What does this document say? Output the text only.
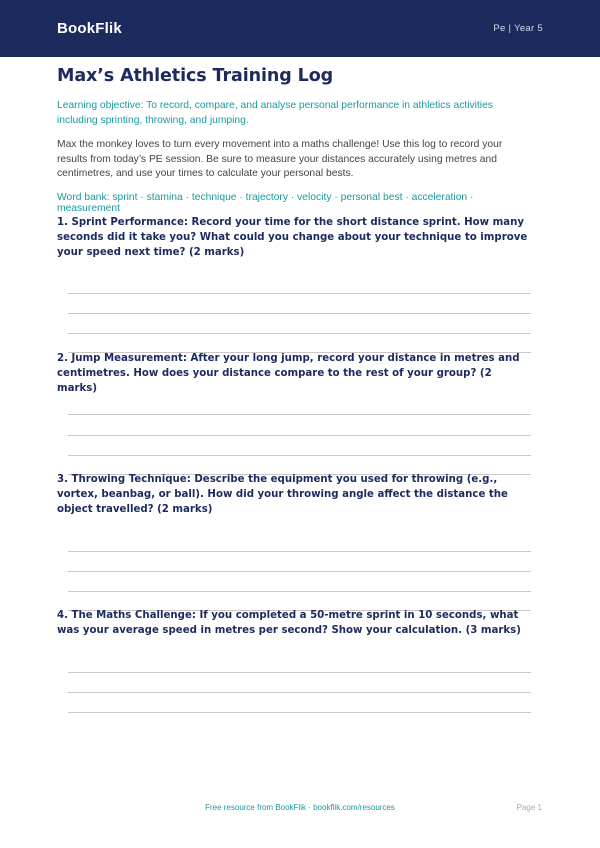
BookFlik	Pe | Year 5
Max’s Athletics Training Log

Learning objective: To record, compare, and analyse personal performance in athletics activities including sprinting, throwing, and jumping.

Max the monkey loves to turn every movement into a maths challenge! Use this log to record your results from today’s PE session. Be sure to measure your distances accurately using metres and centimetres, and use your times to calculate your personal bests.

Word bank: sprint · stamina · technique · trajectory · velocity · personal best · acceleration · measurement

1. Sprint Performance: Record your time for the short distance sprint. How many seconds did it take you? What could you change about your technique to improve your speed next time? (2 marks)
2. Jump Measurement: After your long jump, record your distance in metres and centimetres. How does your distance compare to the rest of your group? (2 marks)
3. Throwing Technique: Describe the equipment you used for throwing (e.g., vortex, beanbag, or ball). How did your throwing angle affect the distance the object travelled? (2 marks)
4. The Maths Challenge: If you completed a 50-metre sprint in 10 seconds, what was your average speed in metres per second? Show your calculation. (3 marks)
Free resource from BookFlik · bookflik.com/resources	Page 1
